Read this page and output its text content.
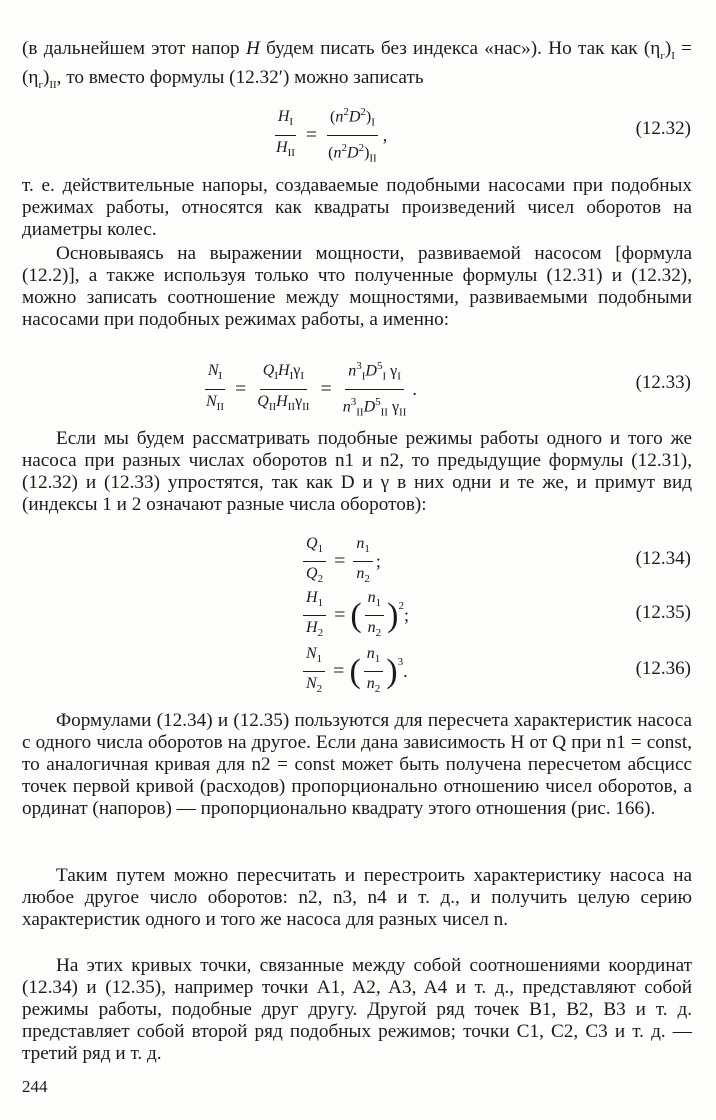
(в дальнейшем этот напор H будем писать без индекса «нас»). Но так как $(\eta_г)_I = (\eta_г)_{II}$, то вместо формулы (12.32′) можно записать

$\frac{H_I}{H_{II}} = \frac{(n^2D^2)_I}{(n^2D^2)_{II}}$ ,	(12.32)

т. е. действительные напоры, создаваемые подобными насосами при подобных режимах работы, относятся как квадраты произведений чисел оборотов на диаметры колес.

Основываясь на выражении мощности, развиваемой насосом [формула (12.2)], а также используя только что полученные формулы (12.31) и (12.32), можно записать соотношение между мощностями, развиваемыми подобными насосами при подобных режимах работы, а именно:

$\frac{N_I}{N_{II}} = \frac{Q_IH_I\gamma_I}{Q_{II}H_{II}\gamma_{II}} = \frac{n^3_ID^5_I \gamma_I}{n^3_{II}D^5_{II} \gamma_{II}}$ .	(12.33)

Если мы будем рассматривать подобные режимы работы одного и того же насоса при разных числах оборотов n1 и n2, то предыдущие формулы (12.31), (12.32) и (12.33) упростятся, так как D и γ в них одни и те же, и примут вид (индексы 1 и 2 означают разные числа оборотов):

$\frac{Q_1}{Q_2} = \frac{n_1}{n_2}$ ;	(12.34)
$\frac{H_1}{H_2}$ = ( $\frac{n_1}{n_2} )^2$ ;	(12.35)
$\frac{N_1}{N_2}$ = ( $\frac{n_1}{n_2} )^3$ .	(12.36)

Формулами (12.34) и (12.35) пользуются для пересчета характеристик насоса с одного числа оборотов на другое. Если дана зависимость H от Q при n1 = const, то аналогичная кривая для n2 = const может быть получена пересчетом абсцисс точек первой кривой (расходов) пропорционально отношению чисел оборотов, а ординат (напоров) — пропорционально квадрату этого отношения (рис. 166).

Таким путем можно пересчитать и перестроить характеристику насоса на любое другое число оборотов: n2, n3, n4 и т. д., и получить целую серию характеристик одного и того же насоса для разных чисел n.

На этих кривых точки, связанные между собой соотношениями координат (12.34) и (12.35), например точки A1, A2, A3, A4 и т. д., представляют собой режимы работы, подобные друг другу. Другой ряд точек B1, B2, B3 и т. д. представляет собой второй ряд подобных режимов; точки C1, C2, C3 и т. д. — третий ряд и т. д.

244
